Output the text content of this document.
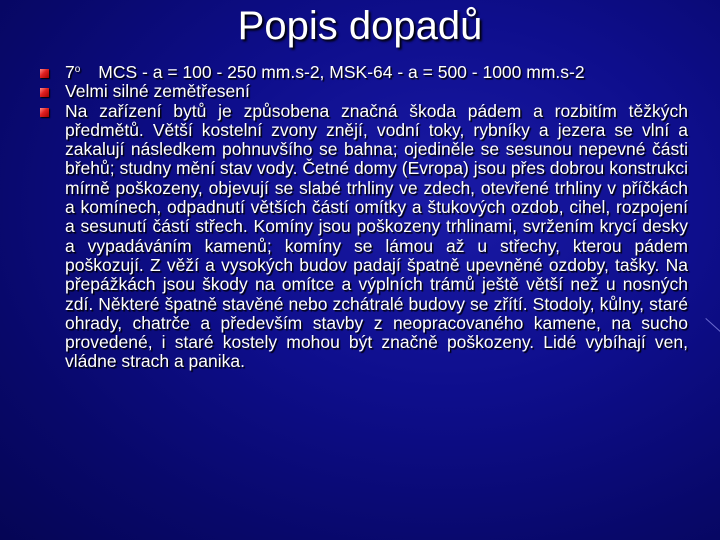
Popis dopadů
7$^o$ MCS - a = 100 - 250 mm.s-2, MSK-64 - a = 500 - 1000 mm.s-2
Velmi silné zemětřesení
Na zařízení bytů je způsobena značná škoda pádem a rozbitím těžkých předmětů. Větší kostelní zvony znějí, vodní toky, rybníky a jezera se vlní a zakalují následkem pohnuvšího se bahna; ojediněle se sesunou nepevné části břehů; studny mění stav vody. Četné domy (Evropa) jsou přes dobrou konstrukci mírně poškozeny, objevují se slabé trhliny ve zdech, otevřené trhliny v příčkách a komínech, odpadnutí větších částí omítky a štukových ozdob, cihel, rozpojení a sesunutí částí střech. Komíny jsou poškozeny trhlinami, svržením krycí desky a vypadáváním kamenů; komíny se lámou až u střechy, kterou pádem poškozují. Z věží a vysokých budov padají špatně upevněné ozdoby, tašky. Na přepážkách jsou škody na omítce a výplních trámů ještě větší než u nosných zdí. Některé špatně stavěné nebo zchátralé budovy se zřítí. Stodoly, kůlny, staré ohrady, chatrče a především stavby z neopracovaného kamene, na sucho provedené, i staré kostely mohou být značně poškozeny. Lidé vybíhají ven, vládne strach a panika.
